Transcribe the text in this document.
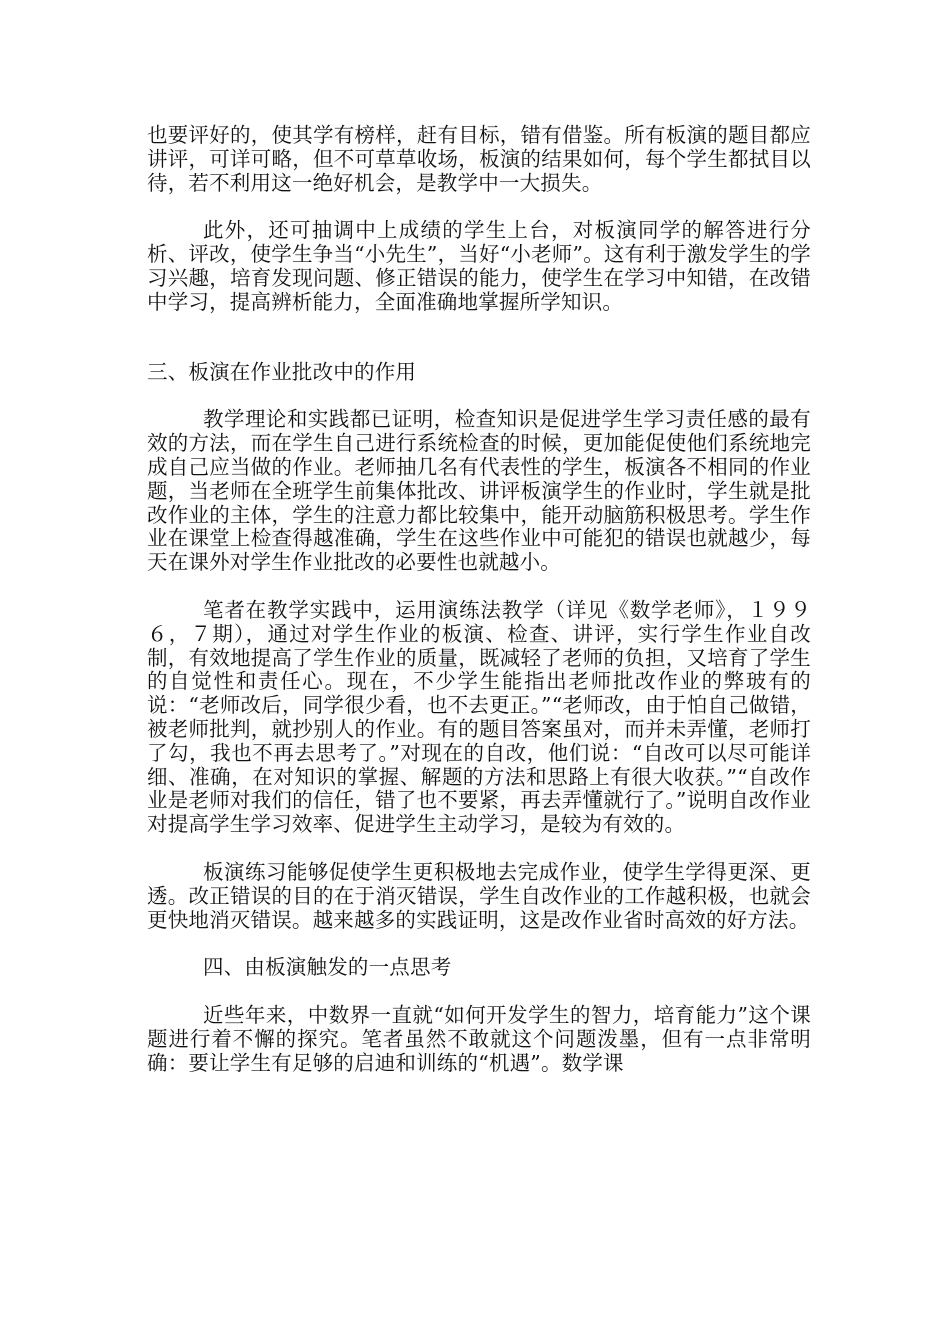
也要评好的，使其学有榜样，赶有目标，错有借鉴。所有板演的题目都应讲评，可详可略，但不可草草收场，板演的结果如何，每个学生都拭目以待，若不利用这一绝好机会，是教学中一大损失。

此外，还可抽调中上成绩的学生上台，对板演同学的解答进行分析、评改，使学生争当“小先生”，当好“小老师”。这有利于激发学生的学习兴趣，培育发现问题、修正错误的能力，使学生在学习中知错，在改错中学习，提高辨析能力，全面准确地掌握所学知识。

三、板演在作业批改中的作用

教学理论和实践都已证明，检查知识是促进学生学习责任感的最有效的方法，而在学生自己进行系统检查的时候，更加能促使他们系统地完成自己应当做的作业。老师抽几名有代表性的学生，板演各不相同的作业题，当老师在全班学生前集体批改、讲评板演学生的作业时，学生就是批改作业的主体，学生的注意力都比较集中，能开动脑筋积极思考。学生作业在课堂上检查得越准确，学生在这些作业中可能犯的错误也就越少，每天在课外对学生作业批改的必要性也就越小。

笔者在教学实践中，运用演练法教学（详见《数学老师》，１９９６，７期），通过对学生作业的板演、检查、讲评，实行学生作业自改制，有效地提高了学生作业的质量，既减轻了老师的负担，又培育了学生的自觉性和责任心。现在，不少学生能指出老师批改作业的弊玻有的说：“老师改后，同学很少看，也不去更正。”“老师改，由于怕自己做错，被老师批判，就抄别人的作业。有的题目答案虽对，而并未弄懂，老师打了勾，我也不再去思考了。”对现在的自改，他们说：“自改可以尽可能详细、准确，在对知识的掌握、解题的方法和思路上有很大收获。”“自改作业是老师对我们的信任，错了也不要紧，再去弄懂就行了。”说明自改作业对提高学生学习效率、促进学生主动学习，是较为有效的。

板演练习能够促使学生更积极地去完成作业，使学生学得更深、更透。改正错误的目的在于消灭错误，学生自改作业的工作越积极，也就会更快地消灭错误。越来越多的实践证明，这是改作业省时高效的好方法。

四、由板演触发的一点思考

近些年来，中数界一直就“如何开发学生的智力，培育能力”这个课题进行着不懈的探究。笔者虽然不敢就这个问题泼墨，但有一点非常明确：要让学生有足够的启迪和训练的“机遇”。数学课
